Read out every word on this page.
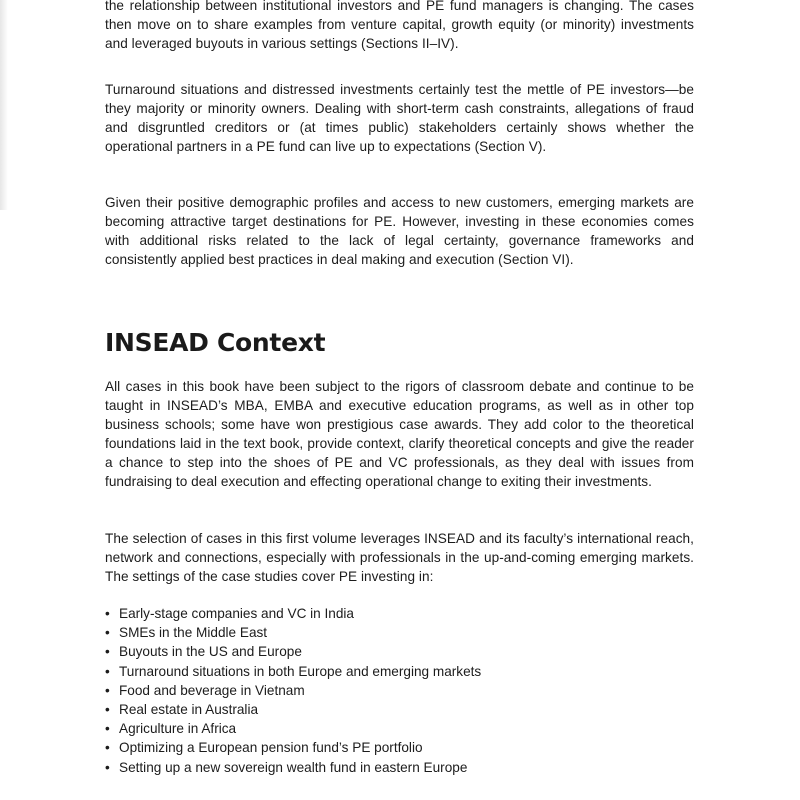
the relationship between institutional investors and PE fund managers is changing. The cases then move on to share examples from venture capital, growth equity (or minority) investments and leveraged buyouts in various settings (Sections II–IV).

Turnaround situations and distressed investments certainly test the mettle of PE investors—be they majority or minority owners. Dealing with short-term cash constraints, allegations of fraud and disgruntled creditors or (at times public) stakeholders certainly shows whether the operational partners in a PE fund can live up to expectations (Section V).

Given their positive demographic profiles and access to new customers, emerging markets are becoming attractive target destinations for PE. However, investing in these economies comes with additional risks related to the lack of legal certainty, governance frameworks and consistently applied best practices in deal making and execution (Section VI).

INSEAD Context

All cases in this book have been subject to the rigors of classroom debate and continue to be taught in INSEAD’s MBA, EMBA and executive education programs, as well as in other top business schools; some have won prestigious case awards. They add color to the theoretical foundations laid in the text book, provide context, clarify theoretical concepts and give the reader a chance to step into the shoes of PE and VC professionals, as they deal with issues from fundraising to deal execution and effecting operational change to exiting their investments.

The selection of cases in this first volume leverages INSEAD and its faculty’s international reach, network and connections, especially with professionals in the up-and-coming emerging markets. The settings of the case studies cover PE investing in:

• Early-stage companies and VC in India
• SMEs in the Middle East
• Buyouts in the US and Europe
• Turnaround situations in both Europe and emerging markets
• Food and beverage in Vietnam
• Real estate in Australia
• Agriculture in Africa
• Optimizing a European pension fund’s PE portfolio
• Setting up a new sovereign wealth fund in eastern Europe
